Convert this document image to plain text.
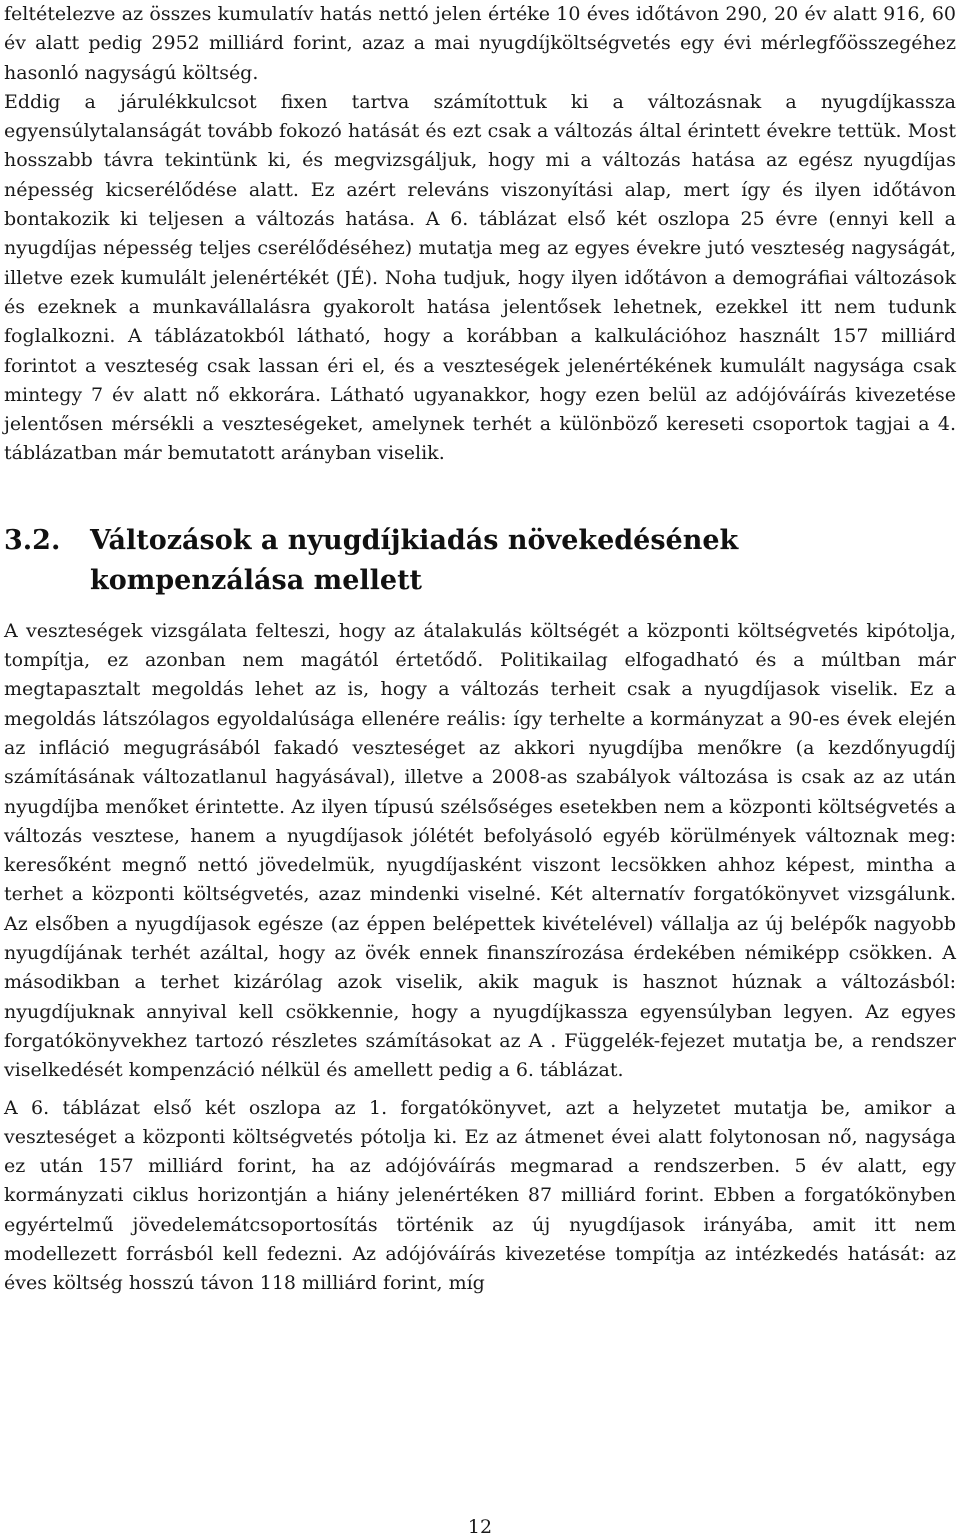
feltételezve az összes kumulatív hatás nettó jelen értéke 10 éves időtávon 290, 20 év alatt 916, 60 év alatt pedig 2952 milliárd forint, azaz a mai nyugdíjköltségvetés egy évi mérlegfőösszegéhez hasonló nagyságú költség.

Eddig a járulékkulcsot fixen tartva számítottuk ki a változásnak a nyugdíjkassza egyensúlytalanságát tovább fokozó hatását és ezt csak a változás által érintett évekre tettük. Most hosszabb távra tekintünk ki, és megvizsgáljuk, hogy mi a változás hatása az egész nyugdíjas népesség kicserélődése alatt. Ez azért releváns viszonyítási alap, mert így és ilyen időtávon bontakozik ki teljesen a változás hatása. A 6. táblázat első két oszlopa 25 évre (ennyi kell a nyugdíjas népesség teljes cserélődéséhez) mutatja meg az egyes évekre jutó veszteség nagyságát, illetve ezek kumulált jelenértékét (JÉ). Noha tudjuk, hogy ilyen időtávon a demográfiai változások és ezeknek a munkavállalásra gyakorolt hatása jelentősek lehetnek, ezekkel itt nem tudunk foglalkozni. A táblázatokból látható, hogy a korábban a kalkulációhoz használt 157 milliárd forintot a veszteség csak lassan éri el, és a veszteségek jelenértékének kumulált nagysága csak mintegy 7 év alatt nő ekkorára. Látható ugyanakkor, hogy ezen belül az adójóváírás kivezetése jelentősen mérsékli a veszteségeket, amelynek terhét a különböző kereseti csoportok tagjai a 4. táblázatban már bemutatott arányban viselik.

3.2.	Változások a nyugdíjkiadás növekedésének kompenzálása mellett

A veszteségek vizsgálata felteszi, hogy az átalakulás költségét a központi költségvetés kipótolja, tompítja, ez azonban nem magától értetődő. Politikailag elfogadható és a múltban már megtapasztalt megoldás lehet az is, hogy a változás terheit csak a nyugdíjasok viselik. Ez a megoldás látszólagos egyoldalúsága ellenére reális: így terhelte a kormányzat a 90-es évek elején az infláció megugrásából fakadó veszteséget az akkori nyugdíjba menőkre (a kezdőnyugdíj számításának változatlanul hagyásával), illetve a 2008-as szabályok változása is csak az az után nyugdíjba menőket érintette. Az ilyen típusú szélsőséges esetekben nem a központi költségvetés a változás vesztese, hanem a nyugdíjasok jólétét befolyásoló egyéb körülmények változnak meg: keresőként megnő nettó jövedelmük, nyugdíjasként viszont lecsökken ahhoz képest, mintha a terhet a központi költségvetés, azaz mindenki viselné. Két alternatív forgatókönyvet vizsgálunk. Az elsőben a nyugdíjasok egésze (az éppen belépettek kivételével) vállalja az új belépők nagyobb nyugdíjának terhét azáltal, hogy az övék ennek finanszírozása érdekében némiképp csökken. A másodikban a terhet kizárólag azok viselik, akik maguk is hasznot húznak a változásból: nyugdíjuknak annyival kell csökkennie, hogy a nyugdíjkassza egyensúlyban legyen. Az egyes forgatókönyvekhez tartozó részletes számításokat az A . Függelék-fejezet mutatja be, a rendszer viselkedését kompenzáció nélkül és amellett pedig a 6. táblázat.

A 6. táblázat első két oszlopa az 1. forgatókönyvet, azt a helyzetet mutatja be, amikor a veszteséget a központi költségvetés pótolja ki. Ez az átmenet évei alatt folytonosan nő, nagysága ez után 157 milliárd forint, ha az adójóváírás megmarad a rendszerben. 5 év alatt, egy kormányzati ciklus horizontján a hiány jelenértéken 87 milliárd forint. Ebben a forgatókönyben egyértelmű jövedelemátcsoportosítás történik az új nyugdíjasok irányába, amit itt nem modellezett forrásból kell fedezni. Az adójóváírás kivezetése tompítja az intézkedés hatását: az éves költség hosszú távon 118 milliárd forint, míg

12
